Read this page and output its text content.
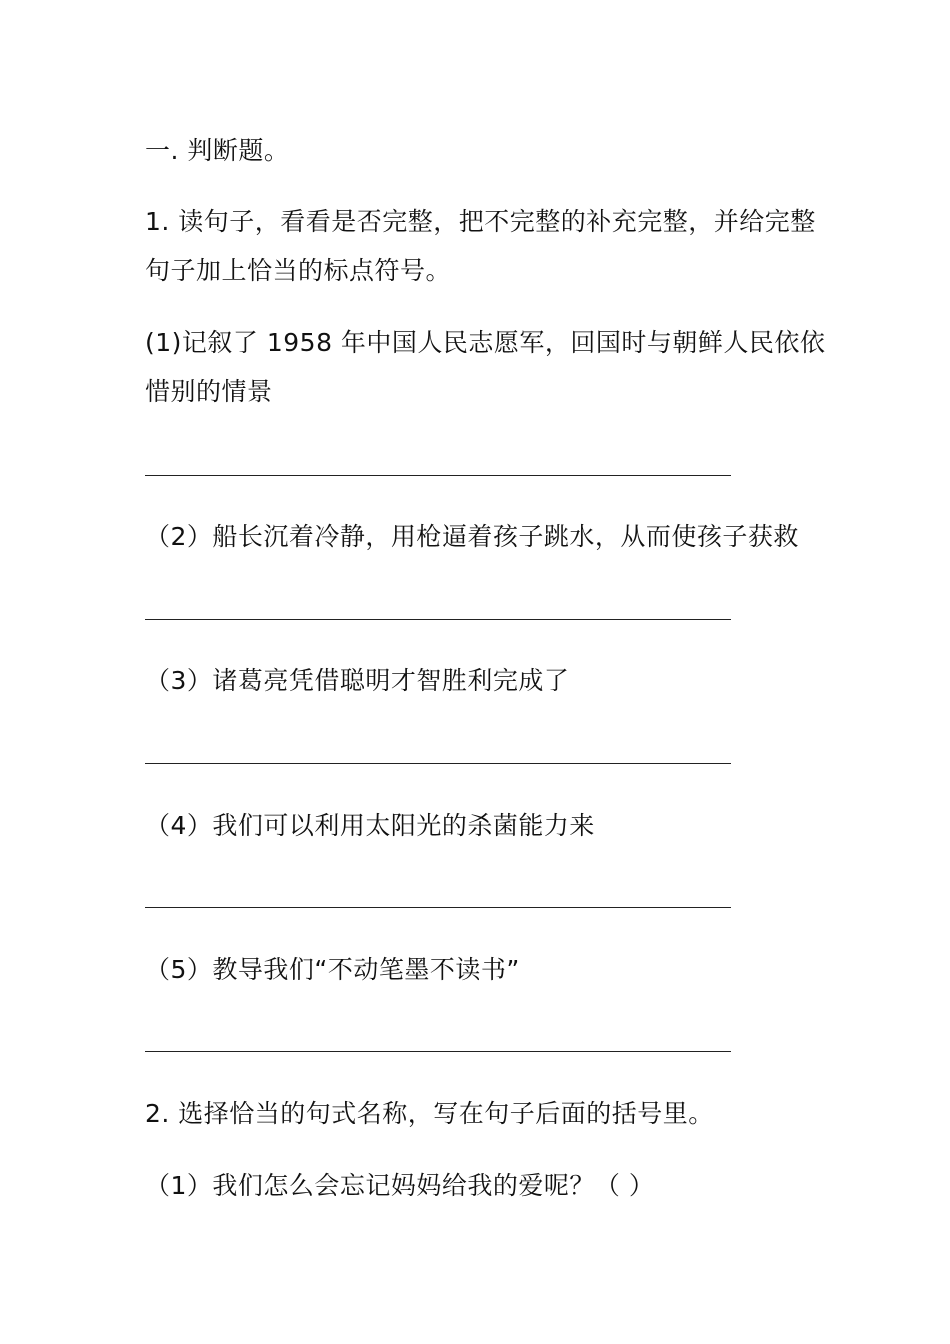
一. 判断题。
1. 读句子，看看是否完整，把不完整的补充完整，并给完整
句子加上恰当的标点符号。
(1)记叙了 1958 年中国人民志愿军，回国时与朝鲜人民依依
惜别的情景
（2）船长沉着冷静，用枪逼着孩子跳水，从而使孩子获救
（3）诸葛亮凭借聪明才智胜利完成了
（4）我们可以利用太阳光的杀菌能力来
（5）教导我们“不动笔墨不读书”
2. 选择恰当的句式名称，写在句子后面的括号里。
（1）我们怎么会忘记妈妈给我的爱呢？（ ）
